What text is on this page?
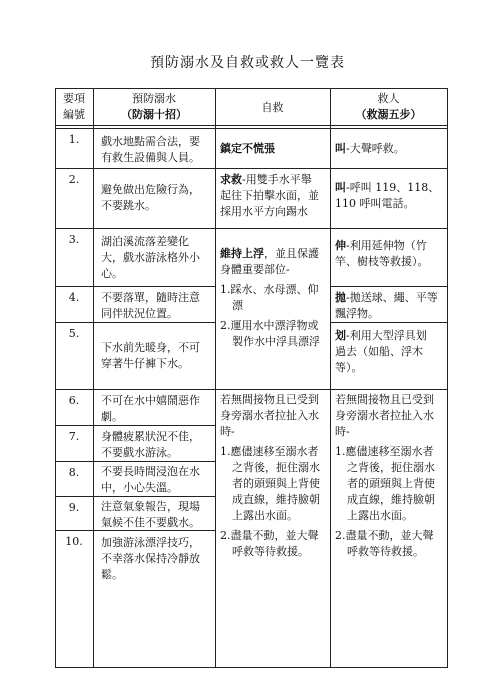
預防溺水及自救或救人一覽表
要項
編號
預防溺水
（防溺十招）
自救
救人
（救溺五步）
1.
2.
3.
4.
5.
6.
7.
8.
9.
10.
戲水地點需合法，要
有救生設備與人員。
避免做出危險行為，
不要跳水。
湖泊溪流落差變化
大，戲水游泳格外小
心。
不要落單，隨時注意
同伴狀況位置。
下水前先暖身，不可
穿著牛仔褲下水。
不可在水中嬉鬧惡作
劇。
身體疲累狀況不佳，
不要戲水游泳。
不要長時間浸泡在水
中，小心失溫。
注意氣象報告，現場
氣候不佳不要戲水。
加強游泳漂浮技巧，
不幸落水保持冷靜放
鬆。
鎮定不慌張
求救-用雙手水平舉
起往下拍擊水面，並
採用水平方向踢水
維持上浮，並且保護
身體重要部位-
1.踩水、水母漂、仰
漂
2.運用水中漂浮物或
製作水中浮具漂浮
若無間接物且已受到
身旁溺水者拉扯入水
時-
1.應儘速移至溺水者
之背後，扼住溺水
者的頭頸與上背使
成直線，維持臉朝
上露出水面。
2.盡量不動，並大聲
呼救等待救援。
叫-大聲呼救。
叫-呼叫 119、118、
110 呼叫電話。
伸-利用延伸物（竹
竿、樹枝等救援）。
拋-拋送球、繩、平等
飄浮物。
划-利用大型浮具划
過去（如船、浮木
等）。
若無間接物且已受到
身旁溺水者拉扯入水
時-
1.應儘速移至溺水者
之背後，扼住溺水
者的頭頸與上背使
成直線，維持臉朝
上露出水面。
2.盡量不動，並大聲
呼救等待救援。
